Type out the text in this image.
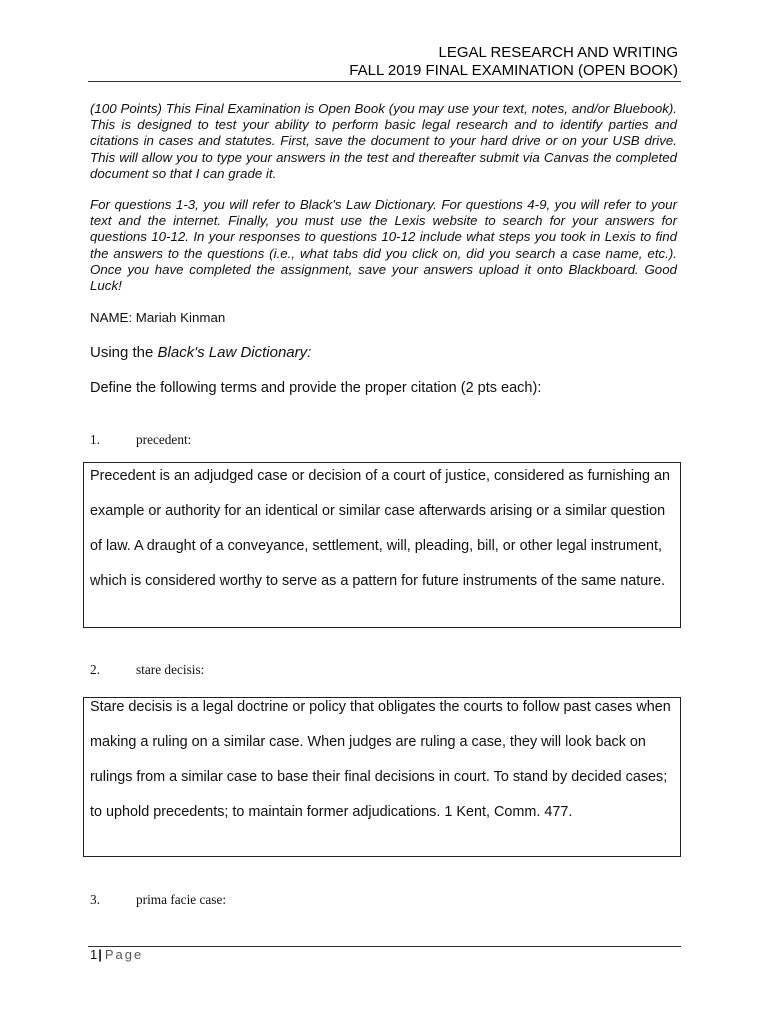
LEGAL RESEARCH AND WRITING
FALL 2019 FINAL EXAMINATION (OPEN BOOK)

(100 Points) This Final Examination is Open Book (you may use your text, notes, and/or Bluebook). This is designed to test your ability to perform basic legal research and to identify parties and citations in cases and statutes. First, save the document to your hard drive or on your USB drive. This will allow you to type your answers in the test and thereafter submit via Canvas the completed document so that I can grade it.

For questions 1-3, you will refer to Black's Law Dictionary. For questions 4-9, you will refer to your text and the internet. Finally, you must use the Lexis website to search for your answers for questions 10-12. In your responses to questions 10-12 include what steps you took in Lexis to find the answers to the questions (i.e., what tabs did you click on, did you search a case name, etc.). Once you have completed the assignment, save your answers upload it onto Blackboard. Good Luck!

NAME: Mariah Kinman
Using the Black's Law Dictionary:
Define the following terms and provide the proper citation (2 pts each):
1.	precedent:
Precedent is an adjudged case or decision of a court of justice, considered as furnishing an example or authority for an identical or similar case afterwards arising or a similar question of law. A draught of a conveyance, settlement, will, pleading, bill, or other legal instrument, which is considered worthy to serve as a pattern for future instruments of the same nature.
2.	stare decisis:
Stare decisis is a legal doctrine or policy that obligates the courts to follow past cases when making a ruling on a similar case. When judges are ruling a case, they will look back on rulings from a similar case to base their final decisions in court. To stand by decided cases; to uphold precedents; to maintain former adjudications. 1 Kent, Comm. 477.
3.	prima facie case:
1| Page
